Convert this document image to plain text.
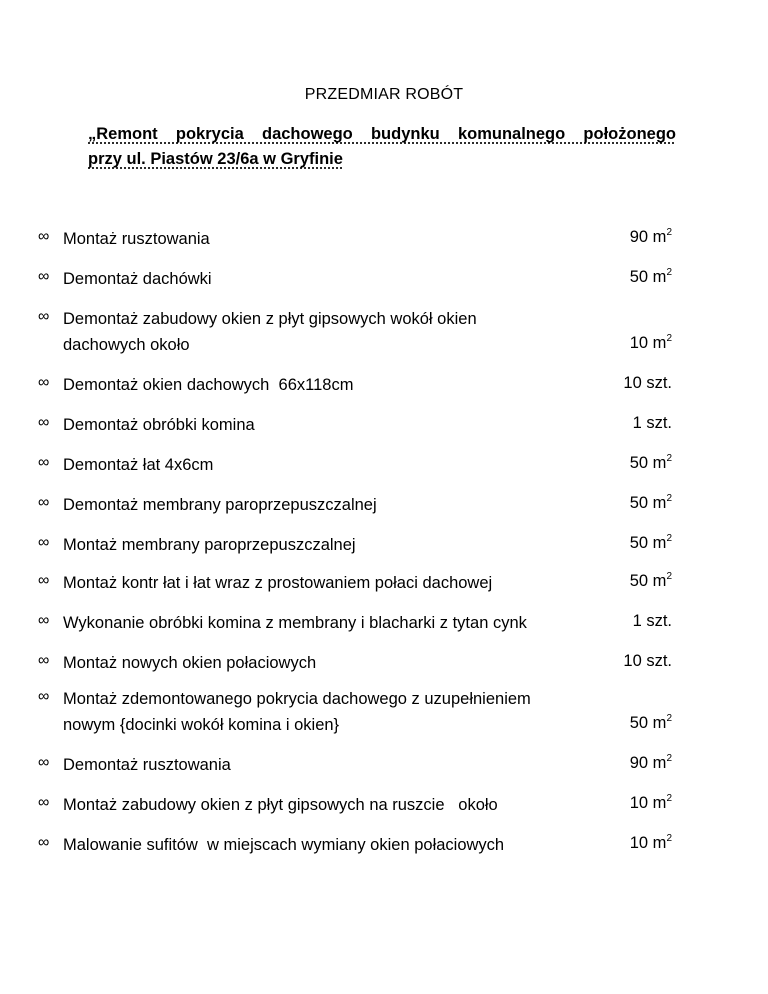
PRZEDMIAR ROBÓT
„Remont pokrycia dachowego budynku komunalnego położonego
przy ul. Piastów 23/6a w Gryfinie
∞ Montaż rusztowania	90 $m^2$
∞ Demontaż dachówki	50 $m^2$
∞ Demontaż zabudowy okien z płyt gipsowych wokół okien
dachowych około	10 $m^2$
∞ Demontaż okien dachowych  66x118cm	10 szt.
∞ Demontaż obróbki komina	1 szt.
∞ Demontaż łat 4x6cm	50 $m^2$
∞ Demontaż membrany paroprzepuszczalnej	50 $m^2$
∞ Montaż membrany paroprzepuszczalnej	50 $m^2$
∞ Montaż kontr łat i łat wraz z prostowaniem połaci dachowej	50 $m^2$
∞ Wykonanie obróbki komina z membrany i blacharki z tytan cynk	1 szt.
∞ Montaż nowych okien połaciowych	10 szt.
∞ Montaż zdemontowanego pokrycia dachowego z uzupełnieniem
nowym {docinki wokół komina i okien}	50 $m^2$
∞ Demontaż rusztowania	90 $m^2$
∞ Montaż zabudowy okien z płyt gipsowych na ruszcie   około	10 $m^2$
∞ Malowanie sufitów  w miejscach wymiany okien połaciowych	10 $m^2$
